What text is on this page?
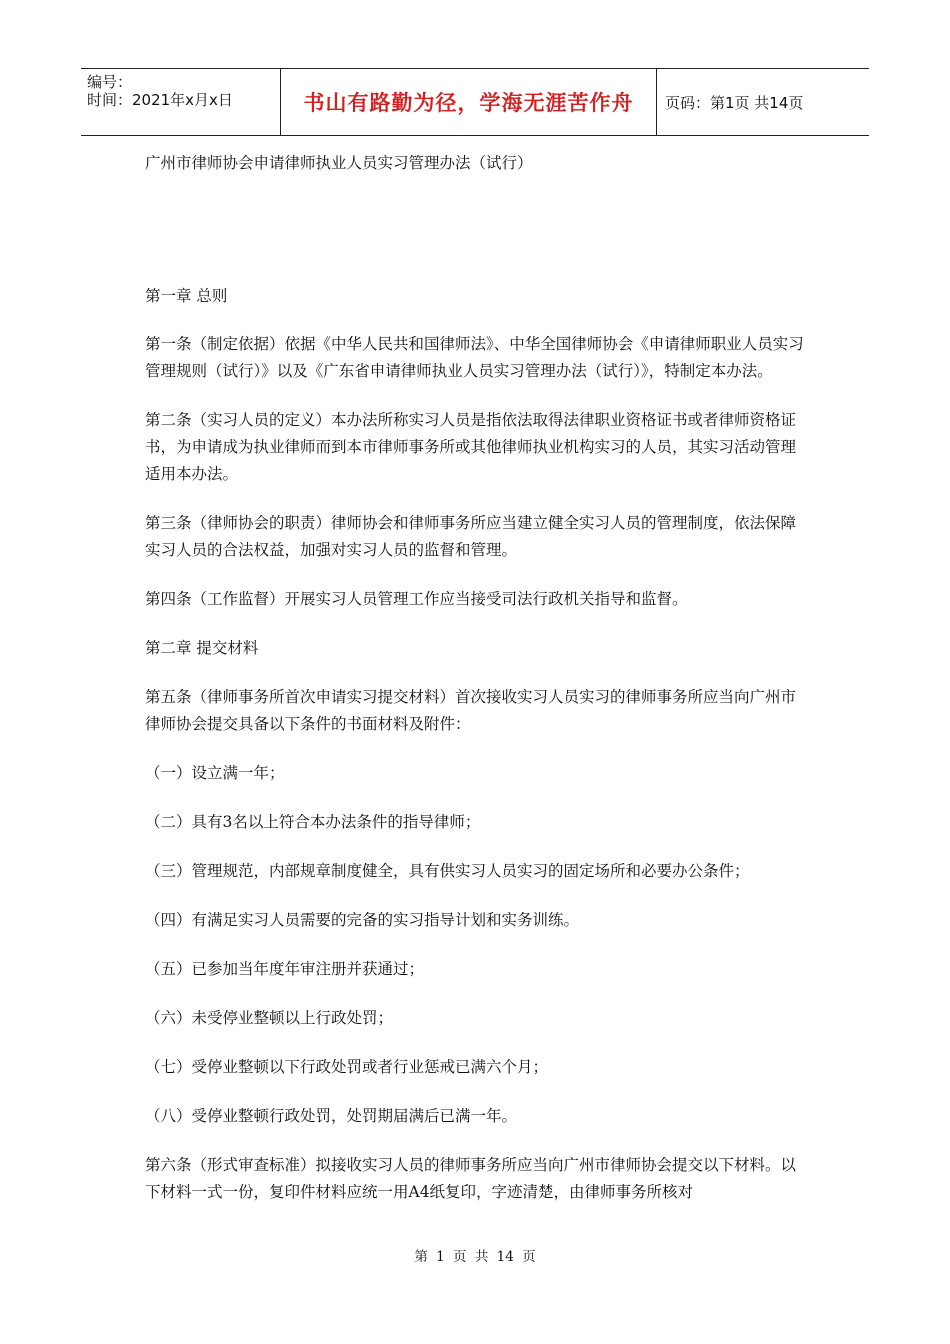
编号：
时间：2021年x月x日	书山有路勤为径，学海无涯苦作舟 页码：第1页 共14页

广州市律师协会申请律师执业人员实习管理办法（试行）

第一章 总则

第一条（制定依据）依据《中华人民共和国律师法》、中华全国律师协会《申请律师职业人员实习管理规则（试行）》以及《广东省申请律师执业人员实习管理办法（试行）》，特制定本办法。

第二条（实习人员的定义）本办法所称实习人员是指依法取得法律职业资格证书或者律师资格证书，为申请成为执业律师而到本市律师事务所或其他律师执业机构实习的人员，其实习活动管理适用本办法。

第三条（律师协会的职责）律师协会和律师事务所应当建立健全实习人员的管理制度，依法保障实习人员的合法权益，加强对实习人员的监督和管理。

第四条（工作监督）开展实习人员管理工作应当接受司法行政机关指导和监督。

第二章 提交材料

第五条（律师事务所首次申请实习提交材料）首次接收实习人员实习的律师事务所应当向广州市律师协会提交具备以下条件的书面材料及附件：

（一）设立满一年；

（二）具有3名以上符合本办法条件的指导律师；

（三）管理规范，内部规章制度健全，具有供实习人员实习的固定场所和必要办公条件；

（四）有满足实习人员需要的完备的实习指导计划和实务训练。

（五）已参加当年度年审注册并获通过；

（六）未受停业整顿以上行政处罚；

（七）受停业整顿以下行政处罚或者行业惩戒已满六个月；

（八）受停业整顿行政处罚，处罚期届满后已满一年。

第六条（形式审查标准）拟接收实习人员的律师事务所应当向广州市律师协会提交以下材料。以下材料一式一份，复印件材料应统一用A4纸复印，字迹清楚，由律师事务所核对

第 1 页 共 14 页
